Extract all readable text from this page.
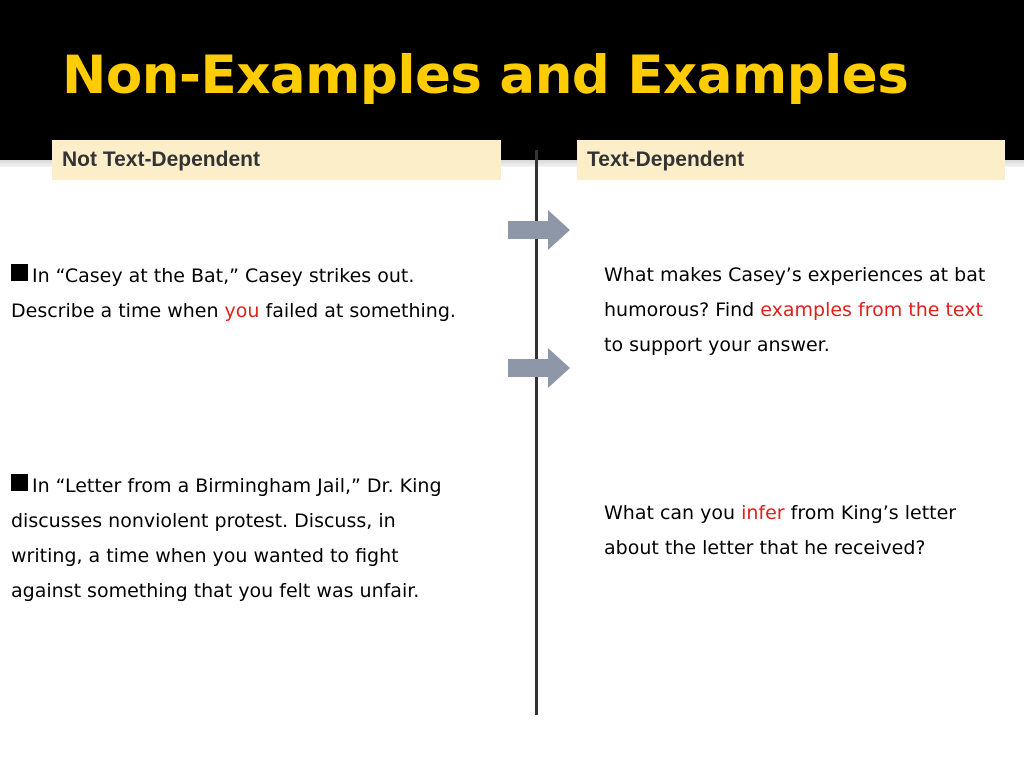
Non-Examples and Examples
Not Text-Dependent	Text-Dependent

In “Casey at the Bat,” Casey strikes out. Describe a time when you failed at something.

In “Letter from a Birmingham Jail,” Dr. King discusses nonviolent protest. Discuss, in writing, a time when you wanted to fight against something that you felt was unfair.

What makes Casey’s experiences at bat humorous? Find examples from the text to support your answer.

What can you infer from King’s letter about the letter that he received?
